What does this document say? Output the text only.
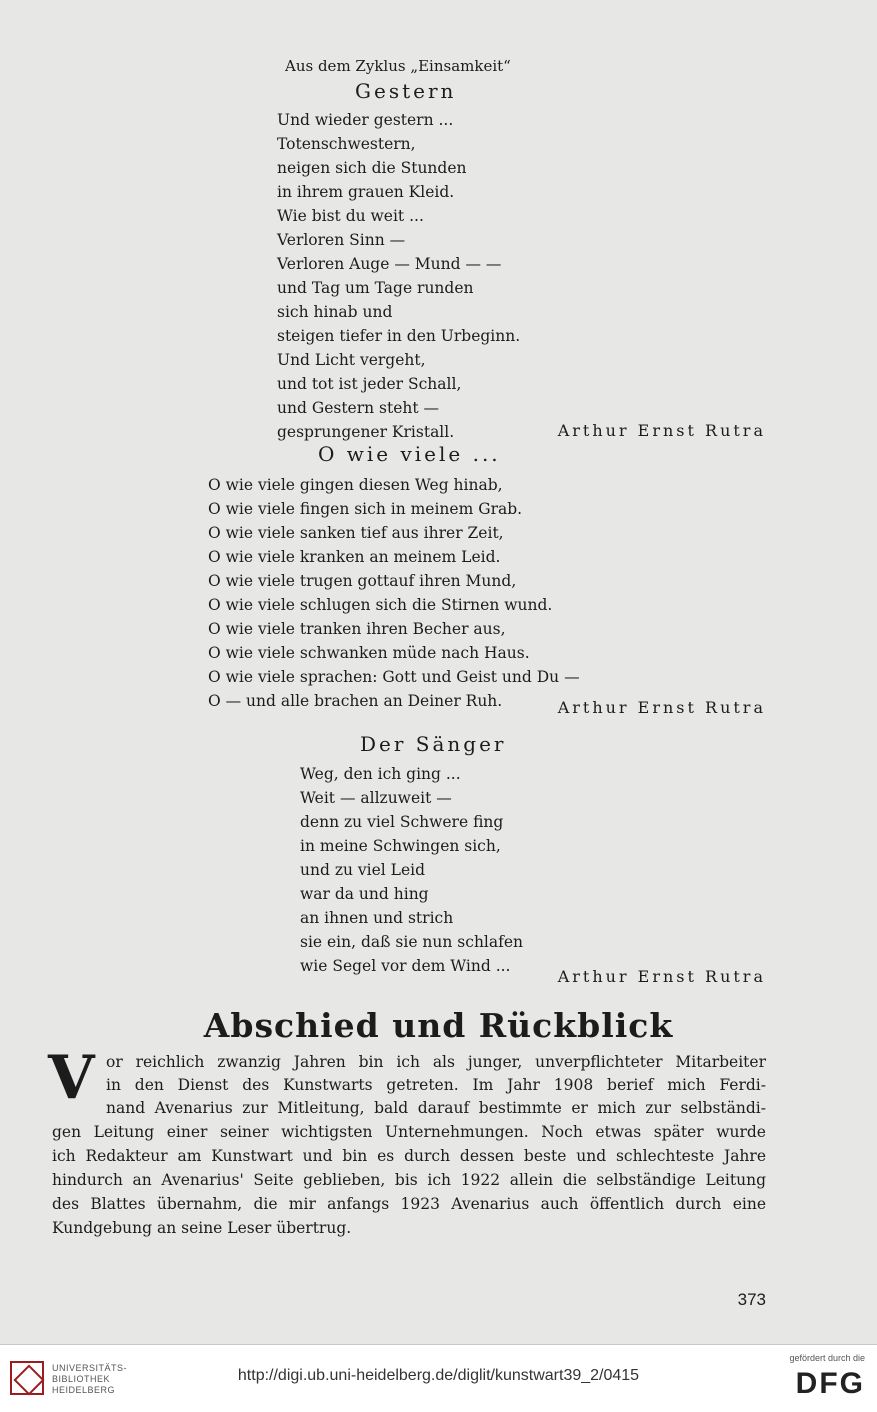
Aus dem Zyklus „Einsamkeit“
Gestern
Und wieder gestern ...
Totenschwestern,
neigen sich die Stunden
in ihrem grauen Kleid.
Wie bist du weit ...
Verloren Sinn —
Verloren Auge — Mund — —
und Tag um Tage runden
sich hinab und
steigen tiefer in den Urbeginn.
Und Licht vergeht,
und tot ist jeder Schall,
und Gestern steht —
gesprungener Kristall.	Arthur Ernst Rutra
O wie viele ...
O wie viele gingen diesen Weg hinab,
O wie viele fingen sich in meinem Grab.
O wie viele sanken tief aus ihrer Zeit,
O wie viele kranken an meinem Leid.
O wie viele trugen gottauf ihren Mund,
O wie viele schlugen sich die Stirnen wund.
O wie viele tranken ihren Becher aus,
O wie viele schwanken müde nach Haus.
O wie viele sprachen: Gott und Geist und Du —
O — und alle brachen an Deiner Ruh.	Arthur Ernst Rutra
Der Sänger
Weg, den ich ging ...
Weit — allzuweit —
denn zu viel Schwere fing
in meine Schwingen sich,
und zu viel Leid
war da und hing
an ihnen und strich
sie ein, daß sie nun schlafen
wie Segel vor dem Wind ...
Arthur Ernst Rutra
Abschied und Rückblick
V or reichlich zwanzig Jahren bin ich als junger, unverpflichteter Mitarbeiter
in den Dienst des Kunstwarts getreten. Im Jahr 1908 berief mich Ferdi-
nand Avenarius zur Mitleitung, bald darauf bestimmte er mich zur selbständi-
gen Leitung einer seiner wichtigsten Unternehmungen. Noch etwas später wurde
ich Redakteur am Kunstwart und bin es durch dessen beste und schlechteste Jahre
hindurch an Avenarius' Seite geblieben, bis ich 1922 allein die selbständige Leitung
des Blattes übernahm, die mir anfangs 1923 Avenarius auch öffentlich durch eine
Kundgebung an seine Leser übertrug.
373
UNIVERSITÄTS-
BIBLIOTHEK
HEIDELBERG
http://digi.ub.uni-heidelberg.de/diglit/kunstwart39_2/0415
gefördert durch die
DFG
